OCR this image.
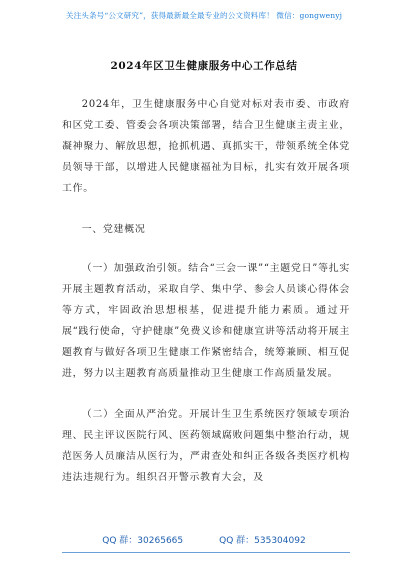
关注头条号“公文研究”，获得最新最全最专业的公文资料库！ 微信：gongwenyj
2024年区卫生健康服务中心工作总结

2024年，卫生健康服务中心自觉对标对表市委、市政府和区党工委、管委会各项决策部署，结合卫生健康主责主业，凝神聚力、解放思想，抢抓机遇、真抓实干，带领系统全体党员领导干部，以增进人民健康福祉为目标，扎实有效开展各项工作。

一、党建概况

（一）加强政治引领。结合“三会一课”“主题党日”等扎实开展主题教育活动，采取自学、集中学、参会人员谈心得体会等方式，牢固政治思想根基，促进提升能力素质。通过开展“践行使命，守护健康”免费义诊和健康宣讲等活动将开展主题教育与做好各项卫生健康工作紧密结合，统筹兼顾、相互促进，努力以主题教育高质量推动卫生健康工作高质量发展。

（二）全面从严治党。开展计生卫生系统医疗领域专项治理、民主评议医院行风、医药领域腐败问题集中整治行动，规范医务人员廉洁从医行为，严肃查处和纠正各级各类医疗机构违法违规行为。组织召开警示教育大会，及

QQ 群：30265665	QQ 群：535304092
